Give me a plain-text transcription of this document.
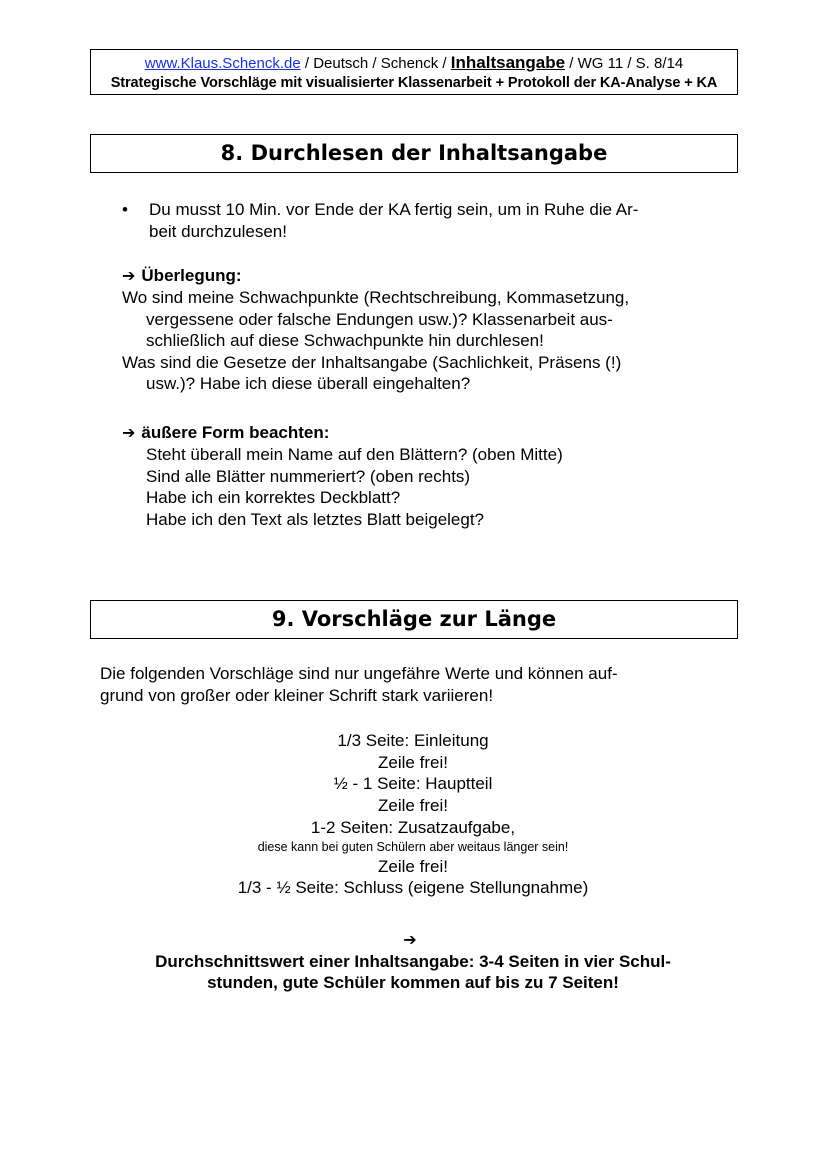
www.Klaus.Schenck.de / Deutsch / Schenck / Inhaltsangabe / WG 11 / S. 8/14
Strategische Vorschläge mit visualisierter Klassenarbeit + Protokoll der KA-Analyse + KA
8. Durchlesen der Inhaltsangabe
• Du musst 10 Min. vor Ende der KA fertig sein, um in Ruhe die Ar-
beit durchzulesen!
➔ Überlegung:
Wo sind meine Schwachpunkte (Rechtschreibung, Kommasetzung,
vergessene oder falsche Endungen usw.)? Klassenarbeit aus-
schließlich auf diese Schwachpunkte hin durchlesen!
Was sind die Gesetze der Inhaltsangabe (Sachlichkeit, Präsens (!)
usw.)? Habe ich diese überall eingehalten?
➔ äußere Form beachten:
Steht überall mein Name auf den Blättern? (oben Mitte)
Sind alle Blätter nummeriert? (oben rechts)
Habe ich ein korrektes Deckblatt?
Habe ich den Text als letztes Blatt beigelegt?
9. Vorschläge zur Länge
Die folgenden Vorschläge sind nur ungefähre Werte und können auf-
grund von großer oder kleiner Schrift stark variieren!
1/3 Seite: Einleitung
Zeile frei!
½ - 1 Seite: Hauptteil
Zeile frei!
1-2 Seiten: Zusatzaufgabe,
diese kann bei guten Schülern aber weitaus länger sein!
Zeile frei!
1/3 - ½ Seite: Schluss (eigene Stellungnahme)
➔
Durchschnittswert einer Inhaltsangabe: 3-4 Seiten in vier Schul-
stunden, gute Schüler kommen auf bis zu 7 Seiten!
